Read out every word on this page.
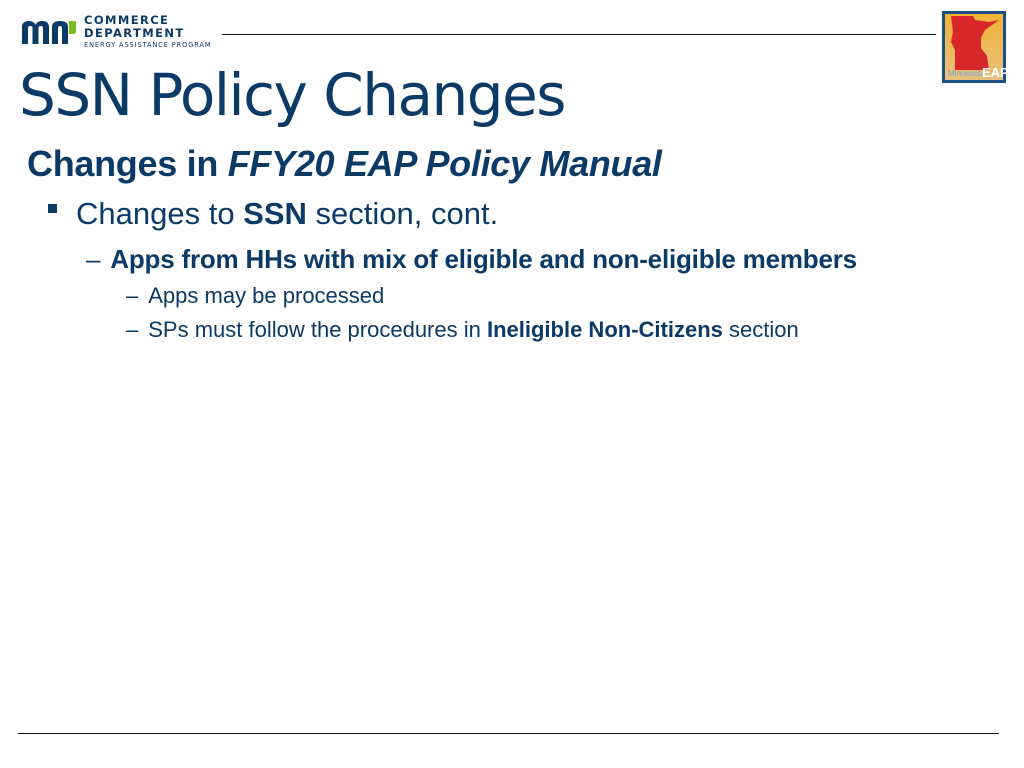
COMMERCE
DEPARTMENT
ENERGY ASSISTANCE PROGRAM
Minnesota
EAP
SSN Policy Changes
Changes in FFY20 EAP Policy Manual
Changes to SSN section, cont.
– Apps from HHs with mix of eligible and non-eligible members
– Apps may be processed
– SPs must follow the procedures in Ineligible Non-Citizens section
